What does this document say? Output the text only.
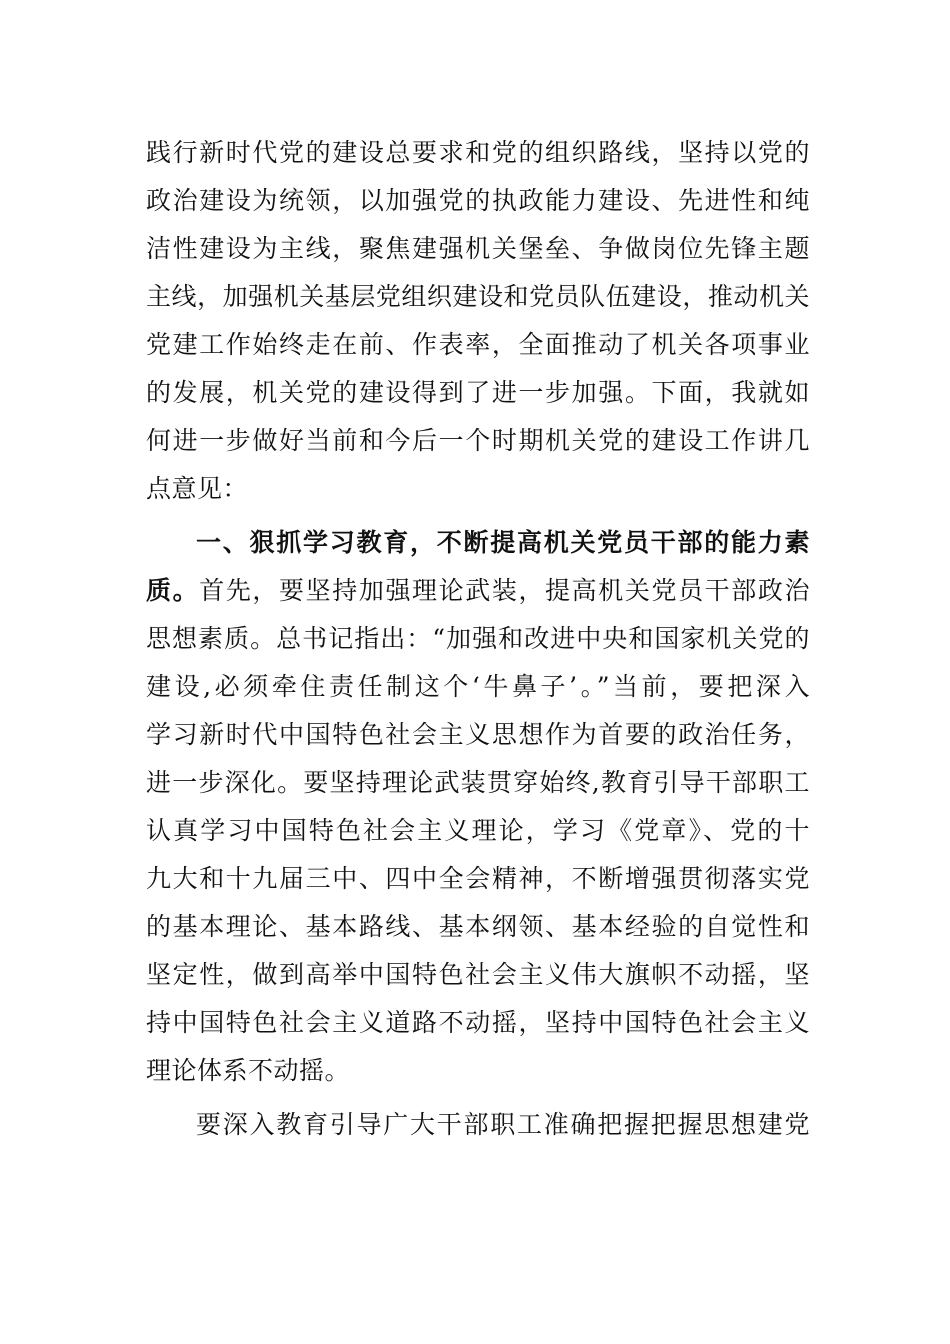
践行新时代党的建设总要求和党的组织路线，坚持以党的
政治建设为统领，以加强党的执政能力建设、先进性和纯
洁性建设为主线，聚焦建强机关堡垒、争做岗位先锋主题
主线，加强机关基层党组织建设和党员队伍建设，推动机关
党建工作始终走在前、作表率，全面推动了机关各项事业
的发展，机关党的建设得到了进一步加强。下面，我就如
何进一步做好当前和今后一个时期机关党的建设工作讲几
点意见：
一、狠抓学习教育，不断提高机关党员干部的能力素
质。首先，要坚持加强理论武装，提高机关党员干部政治
思想素质。总书记指出：“加强和改进中央和国家机关党的
建设,必须牵住责任制这个‘牛鼻子’。”当前，要把深入
学习新时代中国特色社会主义思想作为首要的政治任务，
进一步深化。要坚持理论武装贯穿始终,教育引导干部职工
认真学习中国特色社会主义理论，学习《党章》、党的十
九大和十九届三中、四中全会精神，不断增强贯彻落实党
的基本理论、基本路线、基本纲领、基本经验的自觉性和
坚定性，做到高举中国特色社会主义伟大旗帜不动摇，坚
持中国特色社会主义道路不动摇，坚持中国特色社会主义
理论体系不动摇。
要深入教育引导广大干部职工准确把握把握思想建党
